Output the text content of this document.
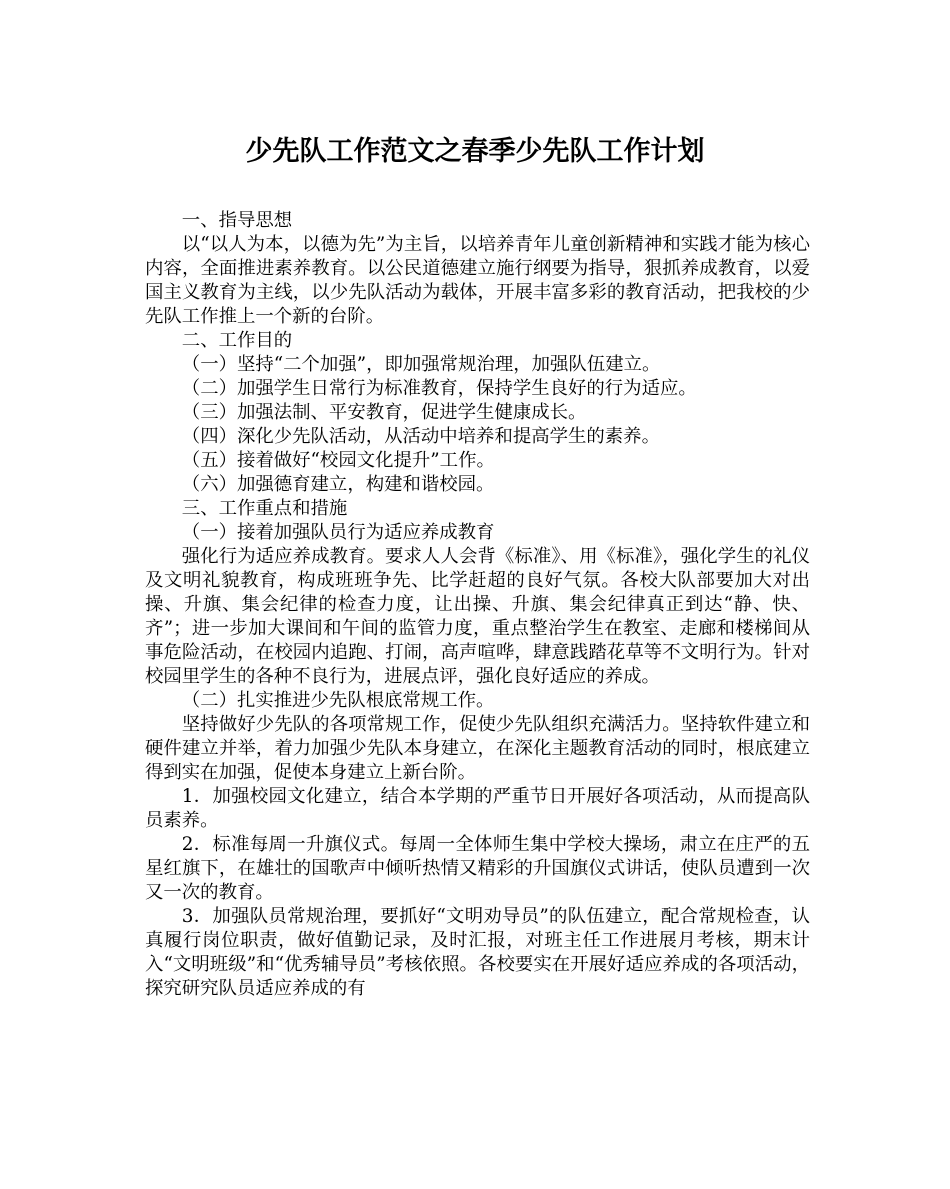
少先队工作范文之春季少先队工作计划

一、指导思想

以“以人为本，以德为先”为主旨，以培养青年儿童创新精神和实践才能为核心内容，全面推进素养教育。以公民道德建立施行纲要为指导，狠抓养成教育，以爱国主义教育为主线，以少先队活动为载体，开展丰富多彩的教育活动，把我校的少先队工作推上一个新的台阶。

二、工作目的

（一）坚持“二个加强”，即加强常规治理，加强队伍建立。

（二）加强学生日常行为标准教育，保持学生良好的行为适应。

（三）加强法制、平安教育，促进学生健康成长。

（四）深化少先队活动，从活动中培养和提高学生的素养。

（五）接着做好“校园文化提升”工作。

（六）加强德育建立，构建和谐校园。

三、工作重点和措施

（一）接着加强队员行为适应养成教育

强化行为适应养成教育。要求人人会背《标准》、用《标准》，强化学生的礼仪及文明礼貌教育，构成班班争先、比学赶超的良好气氛。各校大队部要加大对出操、升旗、集会纪律的检查力度，让出操、升旗、集会纪律真正到达“静、快、齐”；进一步加大课间和午间的监管力度，重点整治学生在教室、走廊和楼梯间从事危险活动，在校园内追跑、打闹，高声喧哗，肆意践踏花草等不文明行为。针对校园里学生的各种不良行为，进展点评，强化良好适应的养成。

（二）扎实推进少先队根底常规工作。

坚持做好少先队的各项常规工作，促使少先队组织充满活力。坚持软件建立和硬件建立并举，着力加强少先队本身建立，在深化主题教育活动的同时，根底建立得到实在加强，促使本身建立上新台阶。

1．加强校园文化建立，结合本学期的严重节日开展好各项活动，从而提高队员素养。

2．标准每周一升旗仪式。每周一全体师生集中学校大操场，肃立在庄严的五星红旗下，在雄壮的国歌声中倾听热情又精彩的升国旗仪式讲话，使队员遭到一次又一次的教育。

3．加强队员常规治理，要抓好“文明劝导员”的队伍建立，配合常规检查，认真履行岗位职责，做好值勤记录，及时汇报，对班主任工作进展月考核，期末计入“文明班级”和“优秀辅导员”考核依照。各校要实在开展好适应养成的各项活动，探究研究队员适应养成的有
